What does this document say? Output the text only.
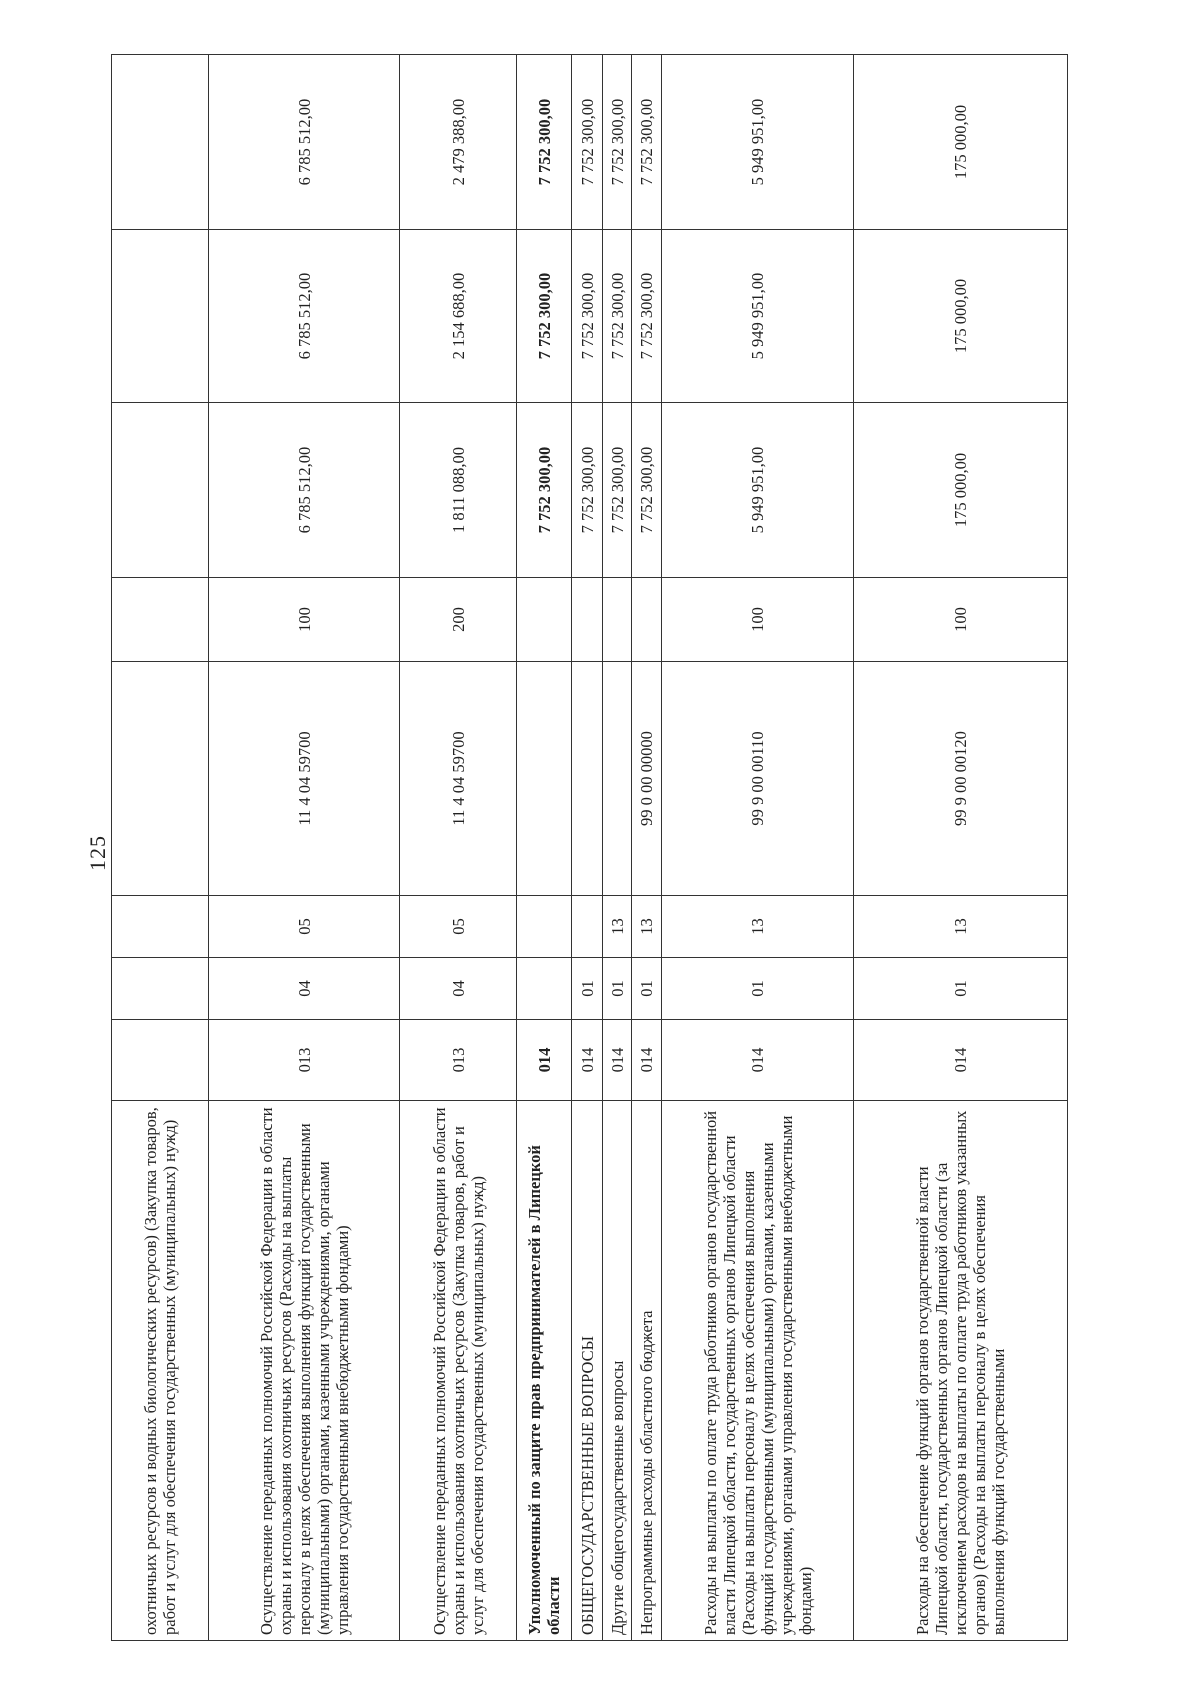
125
охотничьих ресурсов и водных биологических ресурсов) (Закупка товаров, работ и услуг для обеспечения государственных (муниципальных) нужд)								
Осуществление переданных полномочий Российской Федерации в области охраны и использования охотничьих ресурсов (Расходы на выплаты персоналу в целях обеспечения выполнения функций государственными (муниципальными) органами, казенными учреждениями, органами управления государственными внебюджетными фондами)	013	04	05	11 4 04 59700	100	6 785 512,00	6 785 512,00	6 785 512,00
Осуществление переданных полномочий Российской Федерации в области охраны и использования охотничьих ресурсов (Закупка товаров, работ и услуг для обеспечения государственных (муниципальных) нужд)	013	04	05	11 4 04 59700	200	1 811 088,00	2 154 688,00	2 479 388,00
Уполномоченный по защите прав предпринимателей в Липецкой области	014					7 752 300,00	7 752 300,00	7 752 300,00
ОБЩЕГОСУДАРСТВЕННЫЕ ВОПРОСЫ	014	01				7 752 300,00	7 752 300,00	7 752 300,00
Другие общегосударственные вопросы	014	01	13			7 752 300,00	7 752 300,00	7 752 300,00
Непрограммные расходы областного бюджета	014	01	13	99 0 00 00000		7 752 300,00	7 752 300,00	7 752 300,00
Расходы на выплаты по оплате труда работников органов государственной власти Липецкой области, государственных органов Липецкой области (Расходы на выплаты персоналу в целях обеспечения выполнения функций государственными (муниципальными) органами, казенными учреждениями, органами управления государственными внебюджетными фондами)	014	01	13	99 9 00 00110	100	5 949 951,00	5 949 951,00	5 949 951,00
Расходы на обеспечение функций органов государственной власти Липецкой области, государственных органов Липецкой области (за исключением расходов на выплаты по оплате труда работников указанных органов) (Расходы на выплаты персоналу в целях обеспечения выполнения функций государственными	014	01	13	99 9 00 00120	100	175 000,00	175 000,00	175 000,00
